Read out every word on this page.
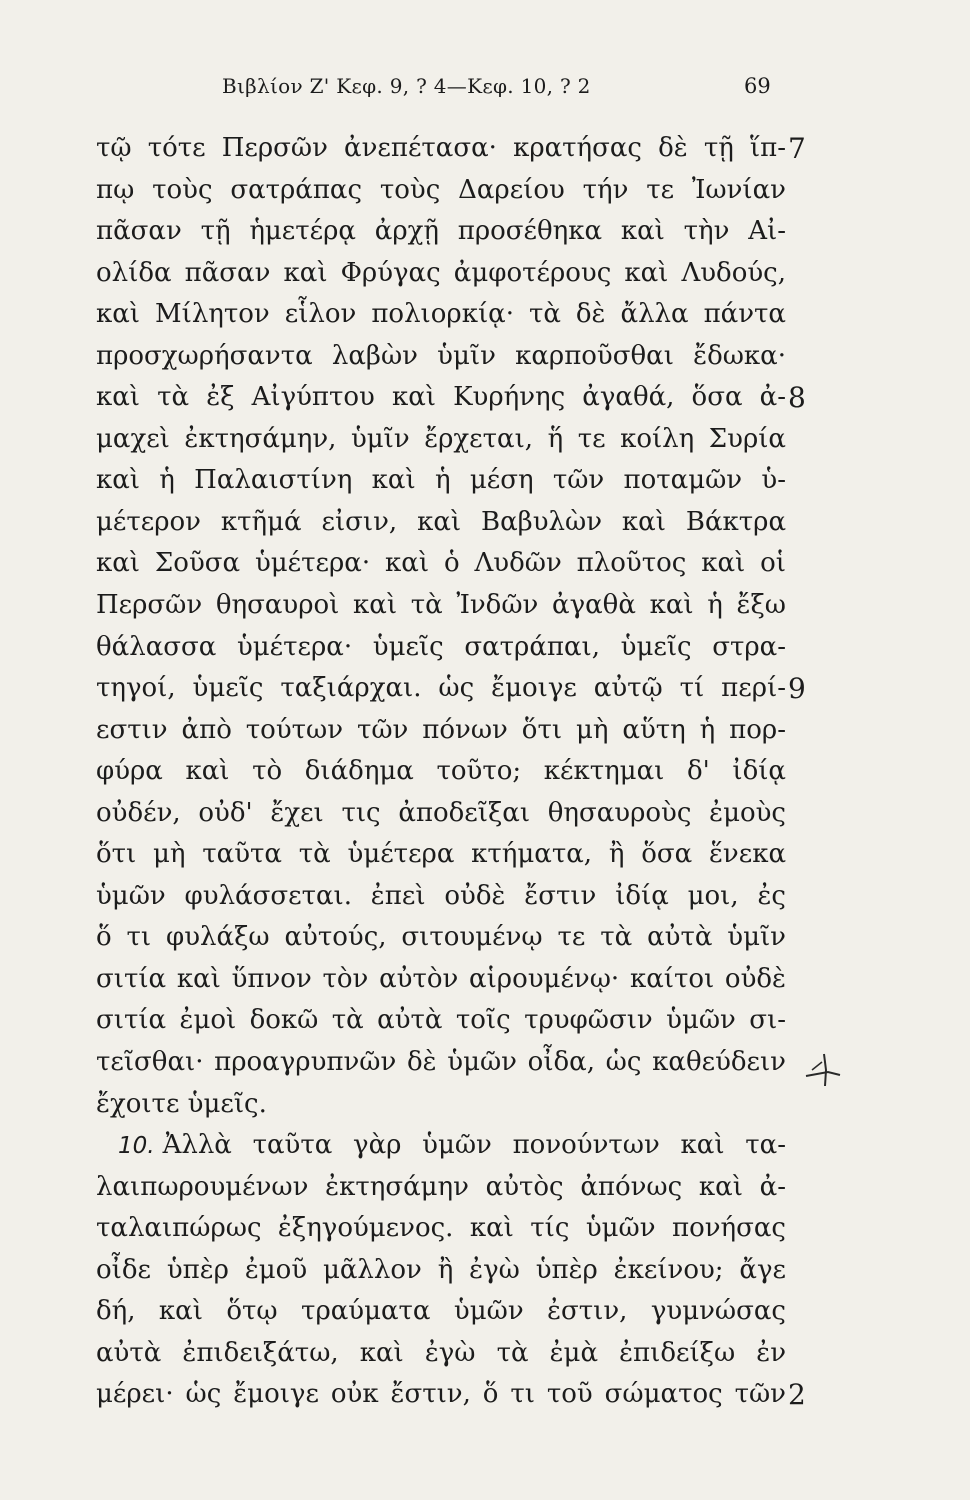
Βιβλίον Ζ' Κεφ. 9, ? 4—Κεφ. 10, ? 2	69
τῷ τότε Περσῶν ἀνεπέτασα· κρατήσας δὲ τῇ ἵπ-
πῳ τοὺς σατράπας τοὺς Δαρείου τήν τε Ἰωνίαν
πᾶσαν τῇ ἡμετέρᾳ ἀρχῇ προσέθηκα καὶ τὴν Αἰ-
ολίδα πᾶσαν καὶ Φρύγας ἀμφοτέρους καὶ Λυδούς,
καὶ Μίλητον εἷλον πολιορκίᾳ· τὰ δὲ ἄλλα πάντα
προσχωρήσαντα λαβὼν ὑμῖν καρποῦσθαι ἔδωκα·
καὶ τὰ ἐξ Αἰγύπτου καὶ Κυρήνης ἀγαθά, ὅσα ἀ-
μαχεὶ ἐκτησάμην, ὑμῖν ἔρχεται, ἥ τε κοίλη Συρία
καὶ ἡ Παλαιστίνη καὶ ἡ μέση τῶν ποταμῶν ὑ-
μέτερον κτῆμά εἰσιν, καὶ Βαβυλὼν καὶ Βάκτρα
καὶ Σοῦσα ὑμέτερα· καὶ ὁ Λυδῶν πλοῦτος καὶ οἱ
Περσῶν θησαυροὶ καὶ τὰ Ἰνδῶν ἀγαθὰ καὶ ἡ ἔξω
θάλασσα ὑμέτερα· ὑμεῖς σατράπαι, ὑμεῖς στρα-
τηγοί, ὑμεῖς ταξιάρχαι. ὡς ἔμοιγε αὐτῷ τί περί-
εστιν ἀπὸ τούτων τῶν πόνων ὅτι μὴ αὕτη ἡ πορ-
φύρα καὶ τὸ διάδημα τοῦτο; κέκτημαι δ' ἰδίᾳ
οὐδέν, οὐδ' ἔχει τις ἀποδεῖξαι θησαυροὺς ἐμοὺς
ὅτι μὴ ταῦτα τὰ ὑμέτερα κτήματα, ἢ ὅσα ἕνεκα
ὑμῶν φυλάσσεται. ἐπεὶ οὐδὲ ἔστιν ἰδίᾳ μοι, ἐς
ὅ τι φυλάξω αὐτούς, σιτουμένῳ τε τὰ αὐτὰ ὑμῖν
σιτία καὶ ὕπνον τὸν αὐτὸν αἱρουμένῳ· καίτοι οὐδὲ
σιτία ἐμοὶ δοκῶ τὰ αὐτὰ τοῖς τρυφῶσιν ὑμῶν σι-
τεῖσθαι· προαγρυπνῶν δὲ ὑμῶν οἶδα, ὡς καθεύδειν
ἔχοιτε ὑμεῖς.
10. Ἀλλὰ ταῦτα γὰρ ὑμῶν πονούντων καὶ τα-
λαιπωρουμένων ἐκτησάμην αὐτὸς ἀπόνως καὶ ἀ-
ταλαιπώρως ἐξηγούμενος. καὶ τίς ὑμῶν πονήσας
οἶδε ὑπὲρ ἐμοῦ μᾶλλον ἢ ἐγὼ ὑπὲρ ἐκείνου; ἄγε
δή, καὶ ὅτῳ τραύματα ὑμῶν ἐστιν, γυμνώσας
αὐτὰ ἐπιδειξάτω, καὶ ἐγὼ τὰ ἐμὰ ἐπιδείξω ἐν
μέρει· ὡς ἔμοιγε οὐκ ἔστιν, ὅ τι τοῦ σώματος τῶν
7
8
9
2
